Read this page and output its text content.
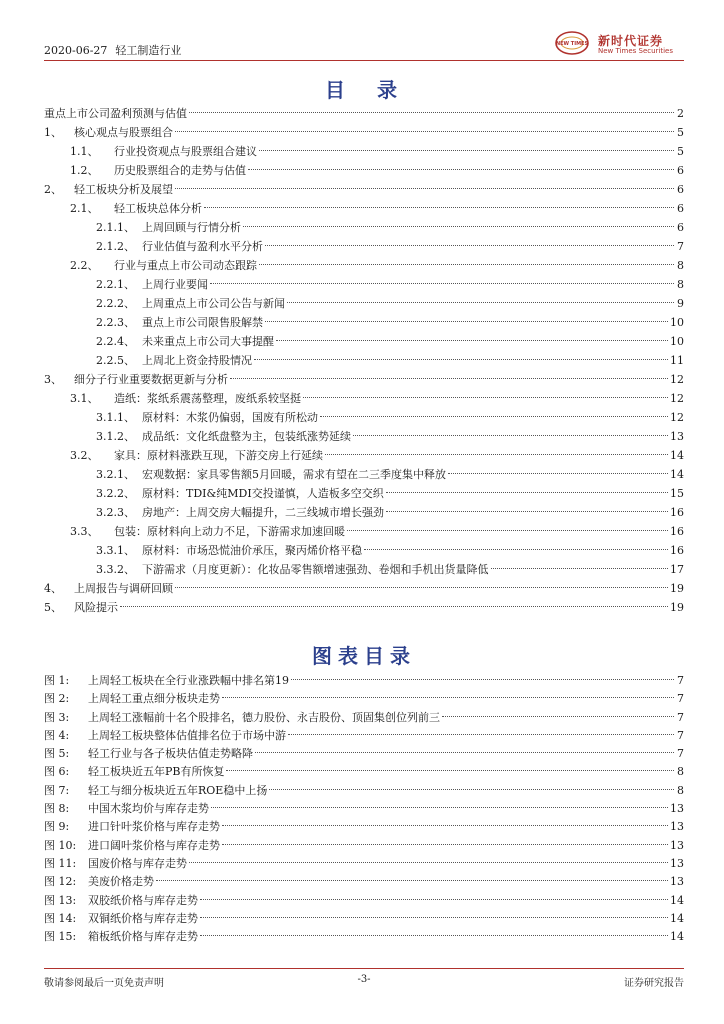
2020-06-27 轻工制造行业	NEW TIMES 新时代证券
New Times Securities
目　录
重点上市公司盈利预测与估值	2
1、 核心观点与股票组合	5
1.1、	行业投资观点与股票组合建议	5
1.2、	历史股票组合的走势与估值	6
2、 轻工板块分析及展望	6
2.1、	轻工板块总体分析	6
2.1.1、 上周回顾与行情分析	6
2.1.2、 行业估值与盈利水平分析	7
2.2、	行业与重点上市公司动态跟踪	8
2.2.1、 上周行业要闻	8
2.2.2、 上周重点上市公司公告与新闻	9
2.2.3、 重点上市公司限售股解禁	10
2.2.4、 未来重点上市公司大事提醒	10
2.2.5、 上周北上资金持股情况	11
3、 细分子行业重要数据更新与分析	12
3.1、	造纸：浆纸系震荡整理，废纸系较坚挺	12
3.1.1、 原材料：木浆仍偏弱，国废有所松动	12
3.1.2、 成品纸：文化纸盘整为主，包装纸涨势延续	13
3.2、	家具：原材料涨跌互现，下游交房上行延续	14
3.2.1、 宏观数据：家具零售额5月回暖，需求有望在二三季度集中释放	14
3.2.2、 原材料：TDI&纯MDI交投谨慎，人造板多空交织	15
3.2.3、 房地产：上周交房大幅提升，二三线城市增长强劲	16
3.3、	包装：原材料向上动力不足，下游需求加速回暖	16
3.3.1、 原材料：市场恐慌油价承压，聚丙烯价格平稳	16
3.3.2、 下游需求（月度更新）：化妆品零售额增速强劲、卷烟和手机出货量降低	17
4、 上周报告与调研回顾	19
5、 风险提示	19
图表目录
图 1:	上周轻工板块在全行业涨跌幅中排名第19	7
图 2:	上周轻工重点细分板块走势	7
图 3:	上周轻工涨幅前十名个股排名，德力股份、永吉股份、顶固集创位列前三	7
图 4:	上周轻工板块整体估值排名位于市场中游	7
图 5:	轻工行业与各子板块估值走势略降	7
图 6:	轻工板块近五年PB有所恢复	8
图 7:	轻工与细分板块近五年ROE稳中上扬	8
图 8:	中国木浆均价与库存走势	13
图 9:	进口针叶浆价格与库存走势	13
图 10:	进口阔叶浆价格与库存走势	13
图 11:	国废价格与库存走势	13
图 12:	美废价格走势	13
图 13:	双胶纸价格与库存走势	14
图 14:	双铜纸价格与库存走势	14
图 15:	箱板纸价格与库存走势	14
敬请参阅最后一页免责声明	-3-	证券研究报告
